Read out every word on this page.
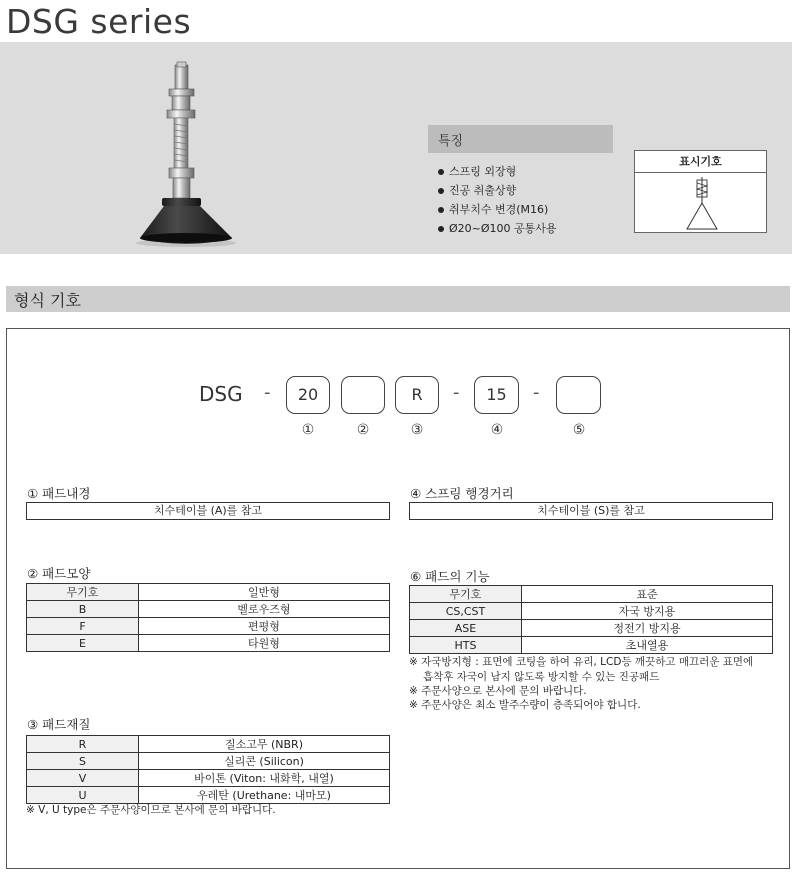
DSG series
특징
스프링 외장형
진공 취출상향
취부치수 변경(M16)
Ø20~Ø100 공통사용
표시기호
형식 기호
DSG -	20	R	-	15	-
①	②	③	④	⑤
① 패드내경
치수테이블 (A)를 참고
④ 스프링 행경거리
치수테이블 (S)를 참고
② 패드모양
무기호	일반형
B	벨로우즈형
F	편평형
E	타원형
⑥ 패드의 기능
무기호	표준
CS,CST	자국 방지용
ASE	정전기 방지용
HTS	초내열용
※ 자국방지형 : 표면에 코팅을 하여 유리, LCD등 깨끗하고 매끄러운 표면에
흡착후 자국이 남지 않도록 방지할 수 있는 진공패드
※ 주문사양으로 본사에 문의 바랍니다.
※ 주문사양은 최소 발주수량이 층족되어야 합니다.
③ 패드재질
R	질소고무 (NBR)
S	실리콘 (Silicon)
V	바이톤 (Viton: 내화학, 내열)
U	우레탄 (Urethane: 내마모)
※ V, U type은 주문사양이므로 본사에 문의 바랍니다.
